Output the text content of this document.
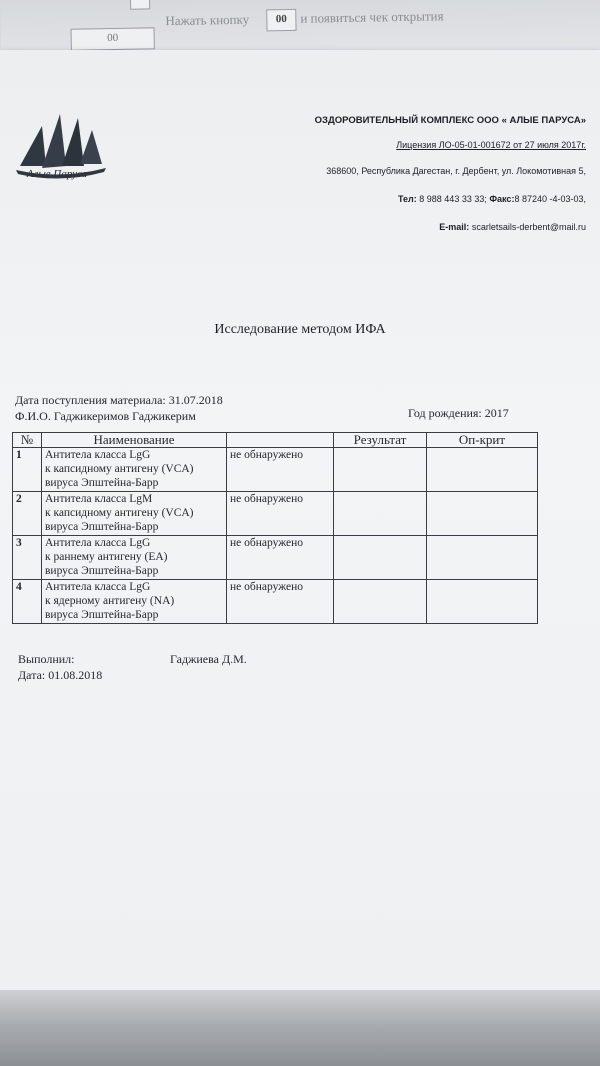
Нажать кнопку	00	и появиться чек открытия
00
Алые Паруса
ОЗДОРОВИТЕЛЬНЫЙ КОМПЛЕКС ООО « АЛЫЕ ПАРУСА»
Лицензия ЛО-05-01-001672 от 27 июля 2017г.
368600, Республика Дагестан, г. Дербент, ул. Локомотивная 5,
Тел: 8 988 443 33 33; Факс:8 87240 -4-03-03,
E-mail: scarletsails-derbent@mail.ru
Исследование методом ИФА
Дата поступления материала: 31.07.2018
Ф.И.О. Гаджикеримов Гаджикерим	Год рождения: 2017
№	Наименование		Результат	Оп-крит
1	Антитела класса LgG
к капсидному антигену (VCA)
вируса Эпштейна-Барр	не обнаружено		
2	Антитела класса LgM
к капсидному антигену (VCA)
вируса Эпштейна-Барр	не обнаружено		
3	Антитела класса LgG
к раннему антигену (ЕА)
вируса Эпштейна-Барр	не обнаружено		
4	Антитела класса LgG
к ядерному антигену (NA)
вируса Эпштейна-Барр	не обнаружено		
Выполнил:	Гаджиева Д.М.
Дата: 01.08.2018
